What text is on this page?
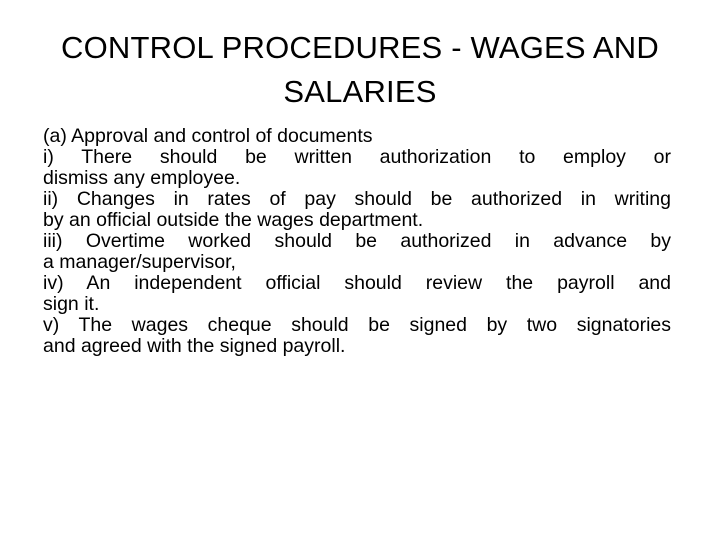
CONTROL PROCEDURES - WAGES AND
SALARIES
(a) Approval and control of documents
i) There should be written authorization to employ or
dismiss any employee.
ii) Changes in rates of pay should be authorized in writing
by an official outside the wages department.
iii) Overtime worked should be authorized in advance by
a manager/supervisor,
iv) An independent official should review the payroll and
sign it.
v) The wages cheque should be signed by two signatories
and agreed with the signed payroll.
